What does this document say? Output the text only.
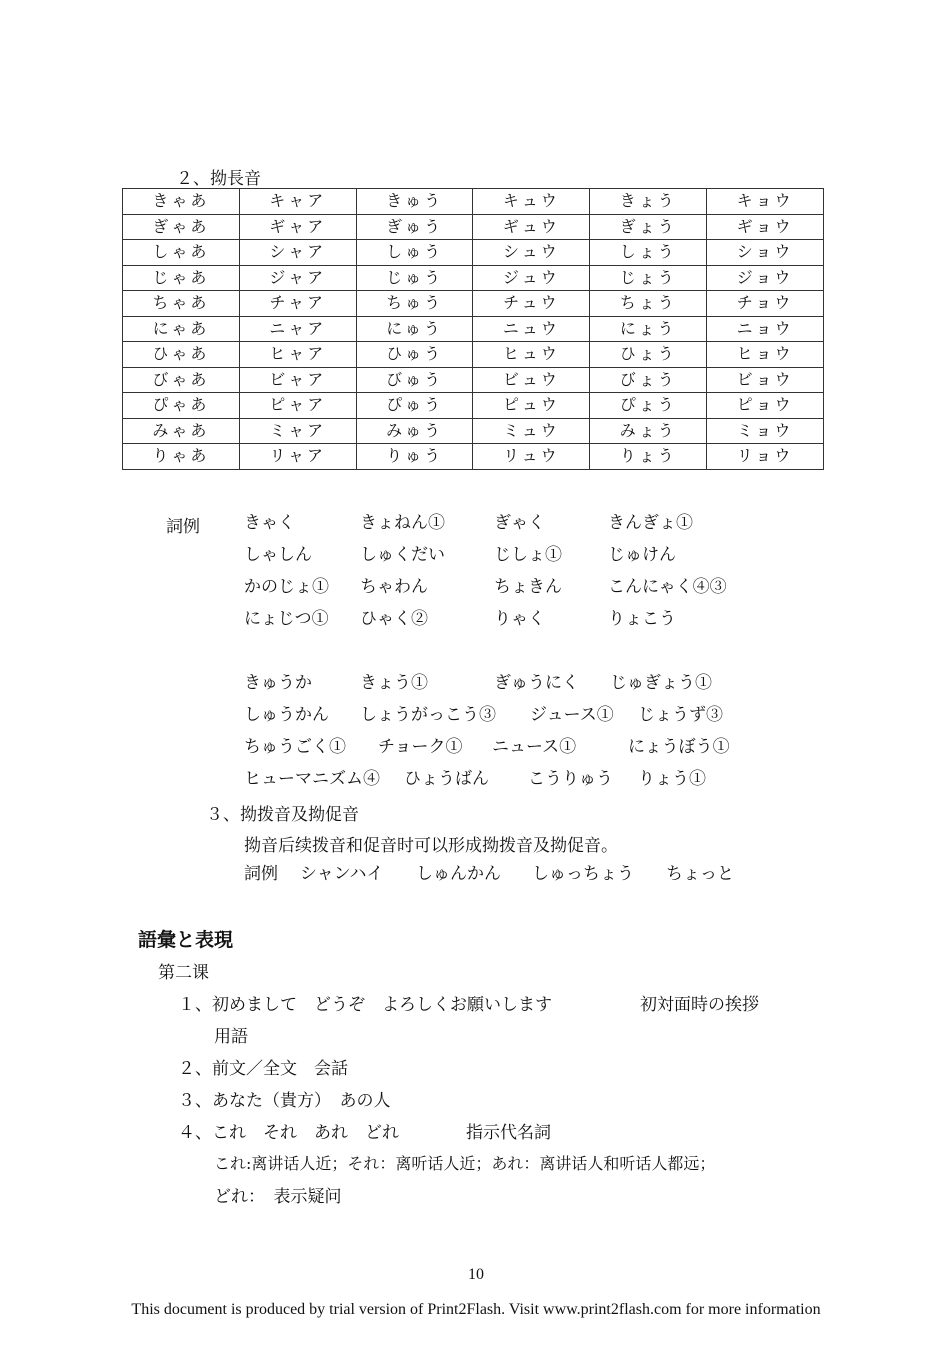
２、拗長音
きゃあ	キャア	きゅう	キュウ	きょう	キョウ
ぎゃあ	ギャア	ぎゅう	ギュウ	ぎょう	ギョウ
しゃあ	シャア	しゅう	シュウ	しょう	ショウ
じゃあ	ジャア	じゅう	ジュウ	じょう	ジョウ
ちゃあ	チャア	ちゅう	チュウ	ちょう	チョウ
にゃあ	ニャア	にゅう	ニュウ	にょう	ニョウ
ひゃあ	ヒャア	ひゅう	ヒュウ	ひょう	ヒョウ
びゃあ	ビャア	びゅう	ビュウ	びょう	ビョウ
ぴゃあ	ピャア	ぴゅう	ピュウ	ぴょう	ピョウ
みゃあ	ミャア	みゅう	ミュウ	みょう	ミョウ
りゃあ	リャア	りゅう	リュウ	りょう	リョウ
詞例	きゃく	きょねん①	ぎゃく	きんぎょ①
しゃしん	しゅくだい	じしょ①	じゅけん
かのじょ① ちゃわん	ちょきん	こんにゃく④③
にょじつ① ひゃく②	りゃく	りょこう
きゅうか	きょう①	ぎゅうにく じゅぎょう①
しゅうかん しょうがっこう③ ジュース① じょうず③
ちゅうごく① チョーク① ニュース①	にょうぼう①
ヒューマニズム④ ひょうばん こうりゅう りょう①
３、拗拨音及拗促音
拗音后续拨音和促音时可以形成拗拨音及拗促音。
詞例 シャンハイ しゅんかん しゅっちょう ちょっと
語彙と表現
第二课
１、初めまして　どうぞ　よろしくお願いします	初対面時の挨拶
用語
２、前文／全文　会話
３、あなた（貴方）　あの人
４、これ　それ　あれ　どれ	指示代名詞
これ:离讲话人近；それ：离听话人近；あれ：离讲话人和听话人都远；
どれ：　表示疑问
10
This document is produced by trial version of Print2Flash. Visit www.print2flash.com for more information
